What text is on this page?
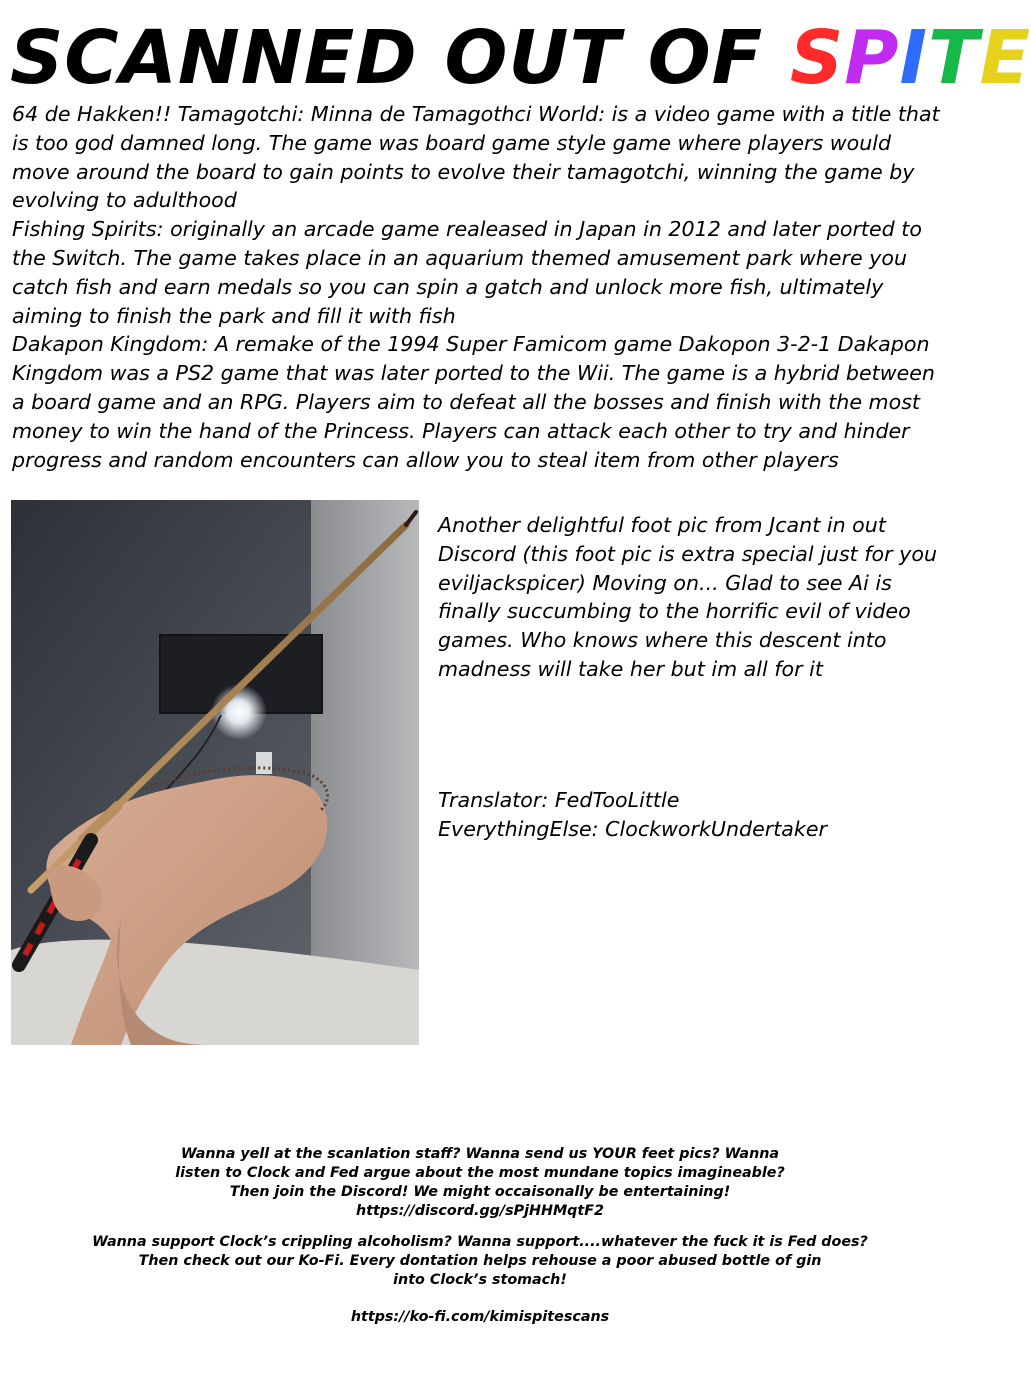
SCANNED OUT OF SPITE

64 de Hakken!! Tamagotchi: Minna de Tamagothci World: is a video game with a title that is too god damned long. The game was board game style game where players would move around the board to gain points to evolve their tamagotchi, winning the game by evolving to adulthood

Fishing Spirits: originally an arcade game realeased in Japan in 2012 and later ported to the Switch. The game takes place in an aquarium themed amusement park where you catch fish and earn medals so you can spin a gatch and unlock more fish, ultimately aiming to finish the park and fill it with fish

Dakapon Kingdom: A remake of the 1994 Super Famicom game Dakopon 3-2-1 Dakapon Kingdom was a PS2 game that was later ported to the Wii. The game is a hybrid between a board game and an RPG. Players aim to defeat all the bosses and finish with the most money to win the hand of the Princess. Players can attack each other to try and hinder progress and random encounters can allow you to steal item from other players

Another delightful foot pic from Jcant in out Discord (this foot pic is extra special just for you eviljackspicer) Moving on... Glad to see Ai is finally succumbing to the horrific evil of video games. Who knows where this descent into madness will take her but im all for it
Translator: FedTooLittle
EverythingElse: ClockworkUndertaker

Wanna yell at the scanlation staff? Wanna send us YOUR feet pics? Wanna

listen to Clock and Fed argue about the most mundane topics imagineable?

Then join the Discord! We might occaisonally be entertaining!

https://discord.gg/sPjHHMqtF2

Wanna support Clock’s crippling alcoholism? Wanna support....whatever the fuck it is Fed does?

Then check out our Ko-Fi. Every dontation helps rehouse a poor abused bottle of gin

into Clock’s stomach!

https://ko-fi.com/kimispitescans
